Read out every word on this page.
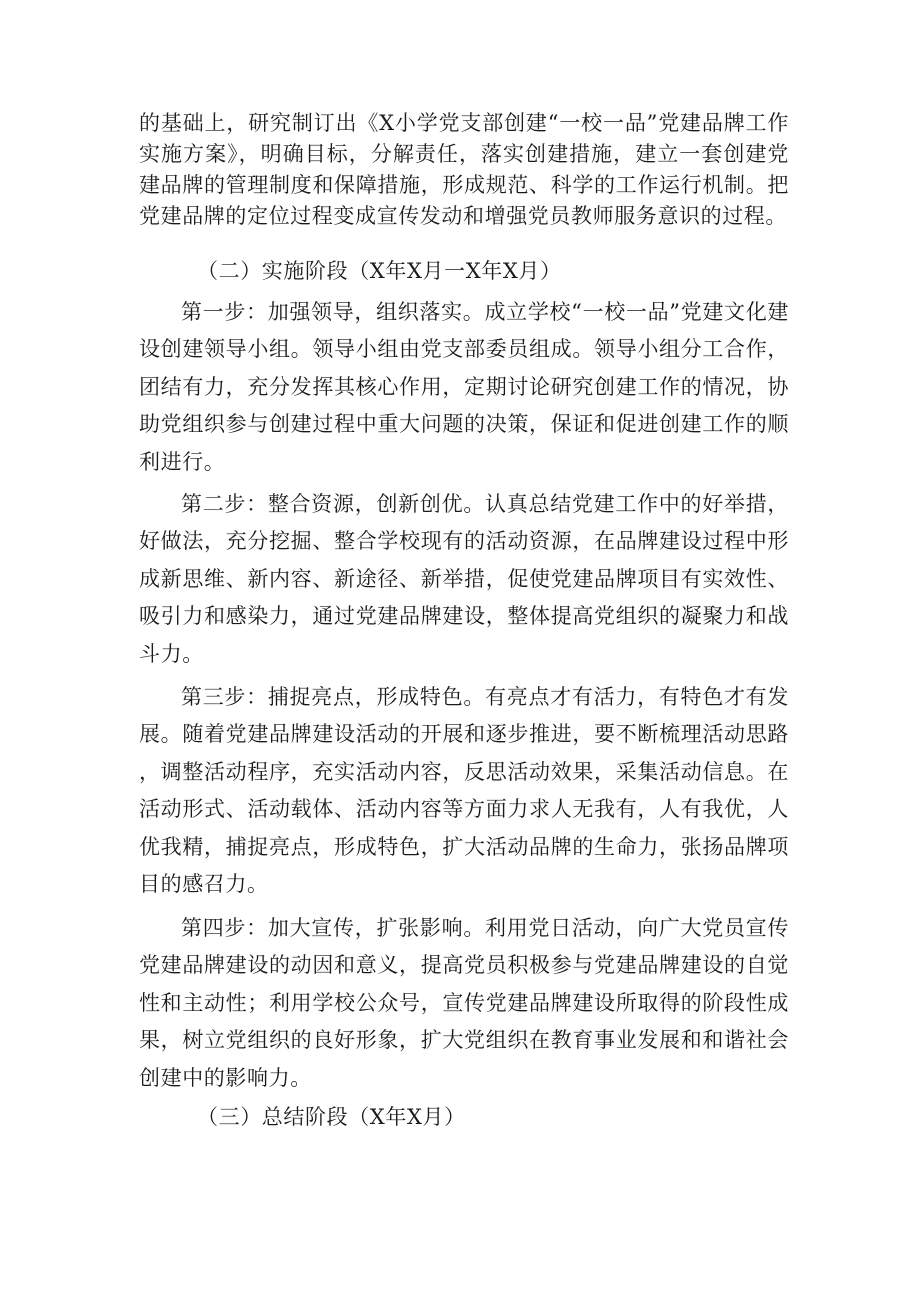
的基础上，研究制订出《X小学党支部创建“一校一品”党建品牌工作实施方案》，明确目标，分解责任，落实创建措施，建立一套创建党建品牌的管理制度和保障措施，形成规范、科学的工作运行机制。把党建品牌的定位过程变成宣传发动和增强党员教师服务意识的过程。

（二）实施阶段（X年X月一X年X月）

第一步：加强领导，组织落实。成立学校“一校一品”党建文化建设创建领导小组。领导小组由党支部委员组成。领导小组分工合作，团结有力，充分发挥其核心作用，定期讨论研究创建工作的情况，协助党组织参与创建过程中重大问题的决策，保证和促进创建工作的顺利进行。

第二步：整合资源，创新创优。认真总结党建工作中的好举措，好做法，充分挖掘、整合学校现有的活动资源，在品牌建设过程中形成新思维、新内容、新途径、新举措，促使党建品牌项目有实效性、吸引力和感染力，通过党建品牌建设，整体提高党组织的凝聚力和战斗力。

第三步：捕捉亮点，形成特色。有亮点才有活力，有特色才有发展。随着党建品牌建设活动的开展和逐步推进，要不断梳理活动思路，调整活动程序，充实活动内容，反思活动效果，采集活动信息。在活动形式、活动载体、活动内容等方面力求人无我有，人有我优，人优我精，捕捉亮点，形成特色，扩大活动品牌的生命力，张扬品牌项目的感召力。

第四步：加大宣传，扩张影响。利用党日活动，向广大党员宣传党建品牌建设的动因和意义，提高党员积极参与党建品牌建设的自觉性和主动性；利用学校公众号，宣传党建品牌建设所取得的阶段性成果，树立党组织的良好形象，扩大党组织在教育事业发展和和谐社会创建中的影响力。

（三）总结阶段（X年X月）
